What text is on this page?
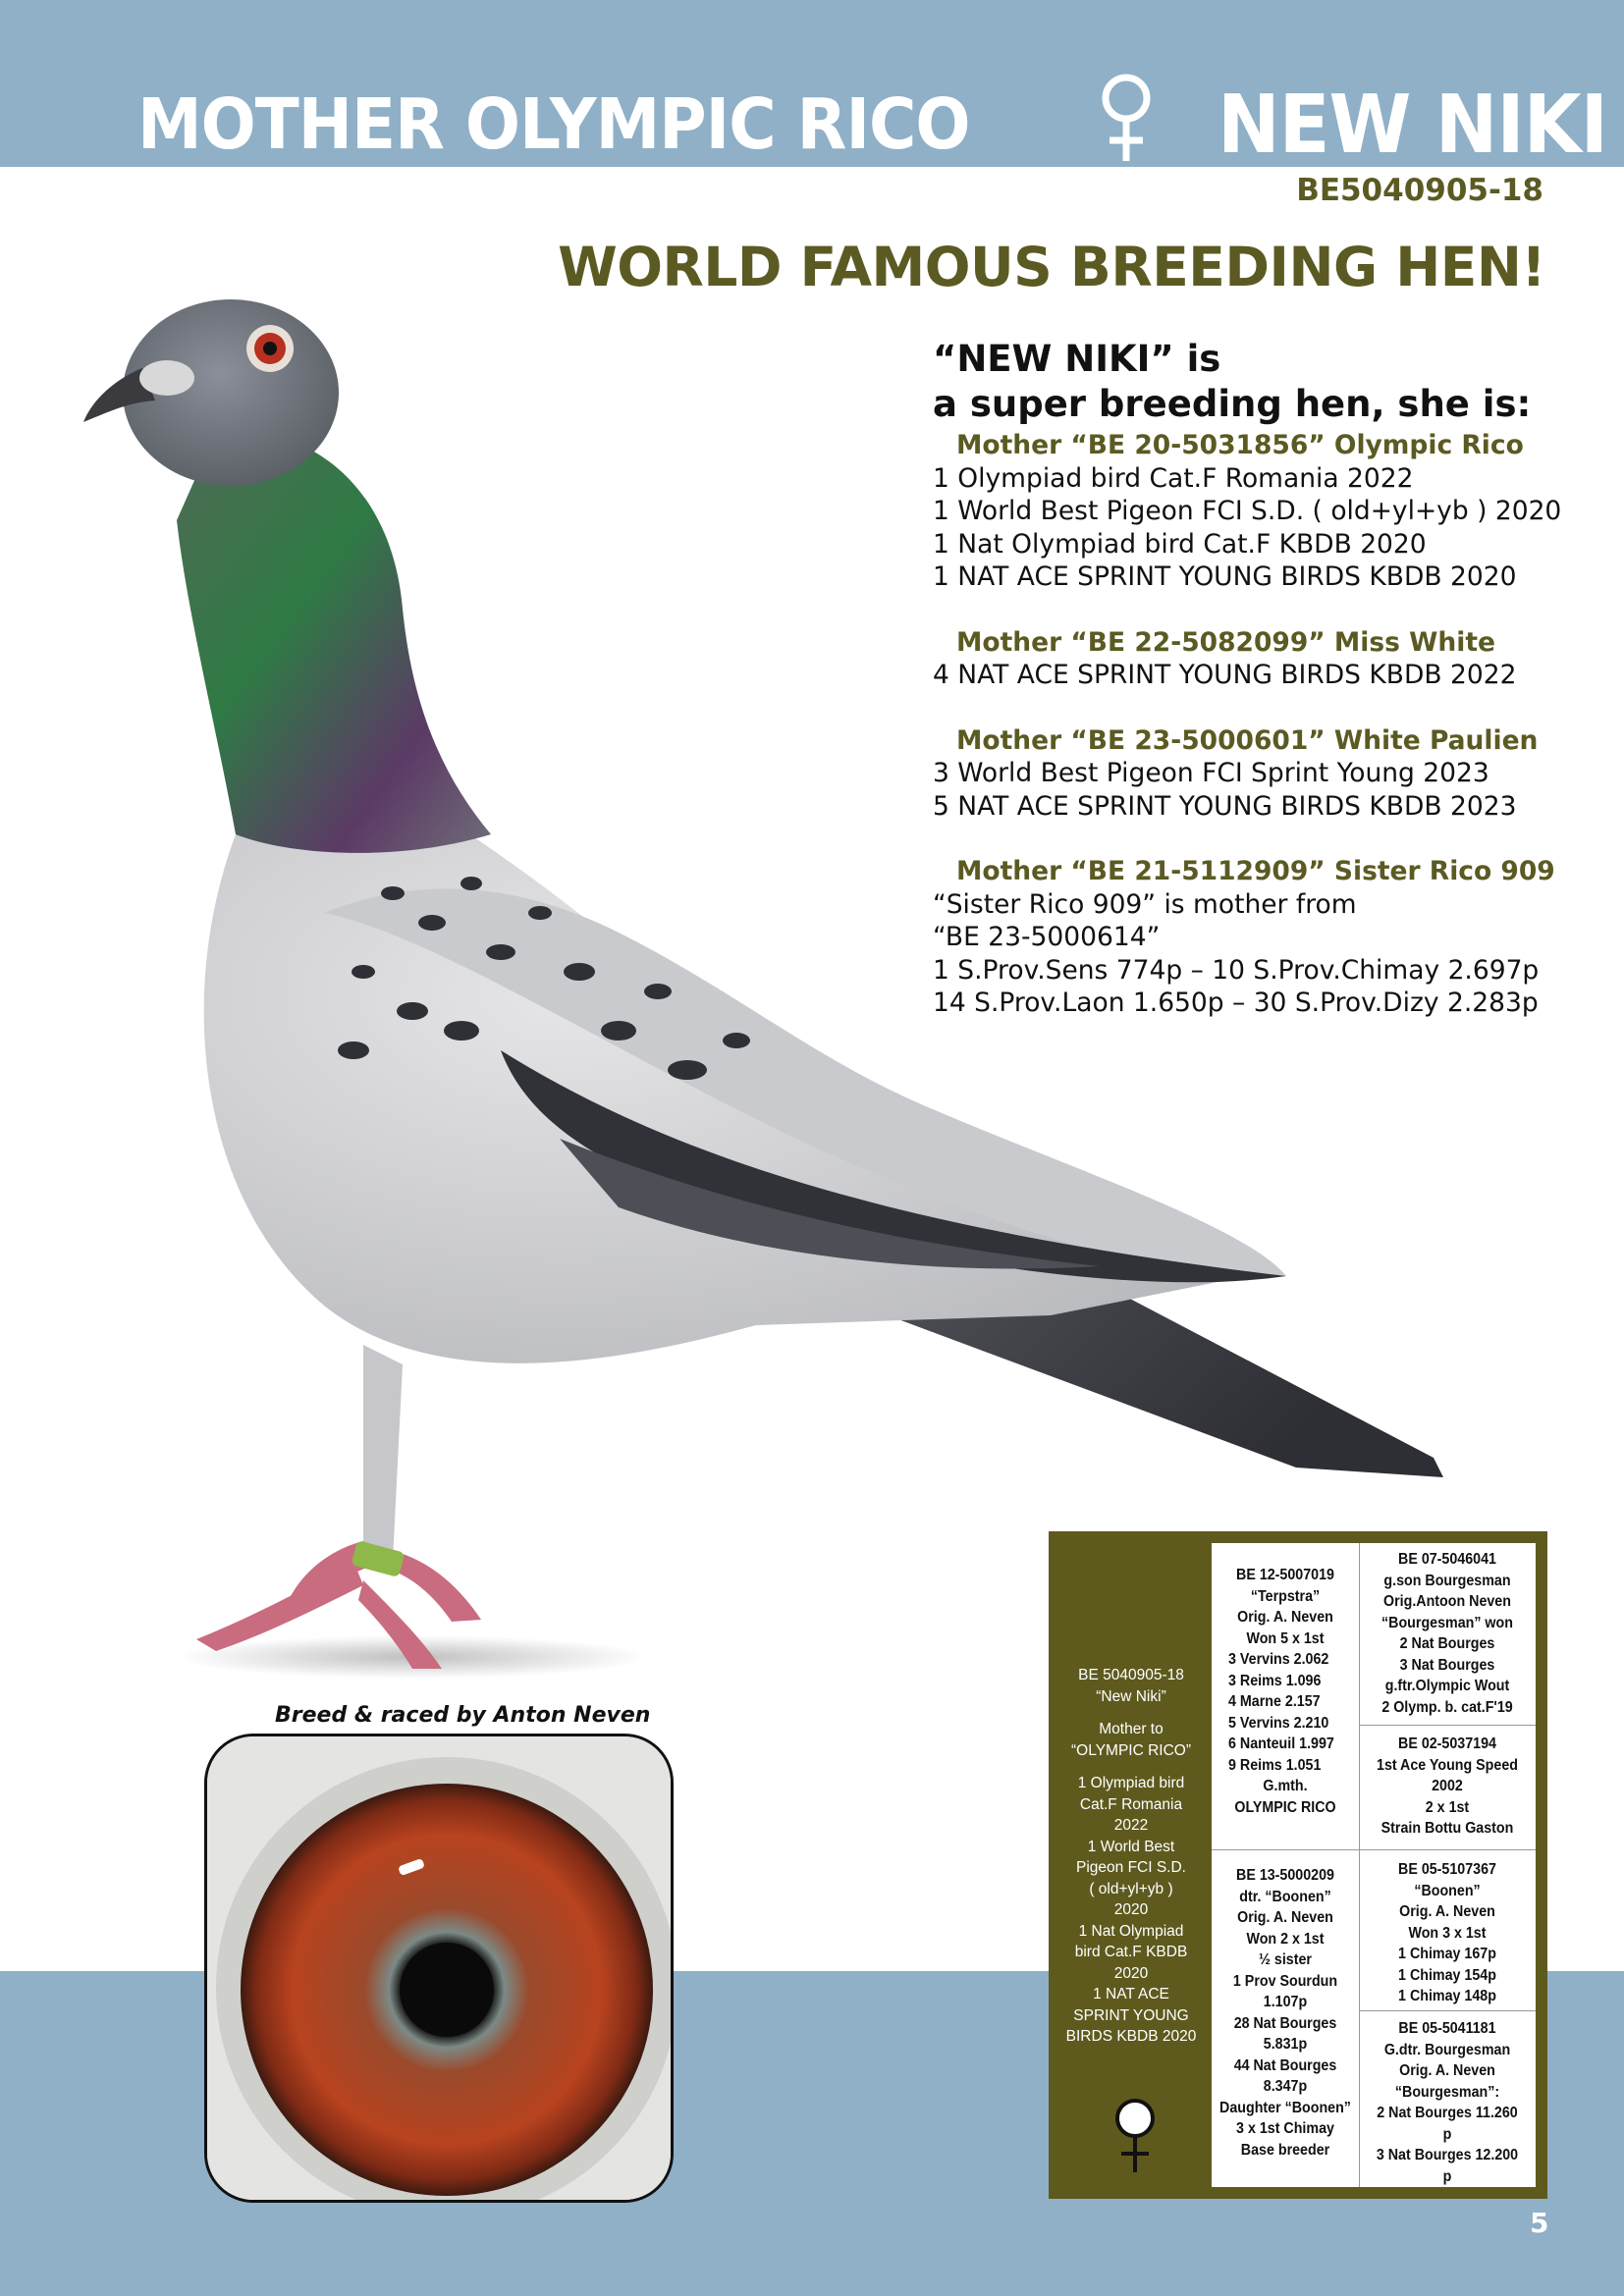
MOTHER OLYMPIC RICO	NEW NIKI
BE5040905-18
WORLD FAMOUS BREEDING HEN!
“NEW NIKI” is
a super breeding hen, she is:
Mother “BE 20-5031856” Olympic Rico
1 Olympiad bird Cat.F Romania 2022
1 World Best Pigeon FCI S.D. ( old+yl+yb ) 2020
1 Nat Olympiad bird Cat.F KBDB 2020
1 NAT ACE SPRINT YOUNG BIRDS KBDB 2020
Mother “BE 22-5082099” Miss White
4 NAT ACE SPRINT YOUNG BIRDS KBDB 2022
Mother “BE 23-5000601” White Paulien
3 World Best Pigeon FCI Sprint Young 2023
5 NAT ACE SPRINT YOUNG BIRDS KBDB 2023
Mother “BE 21-5112909” Sister Rico 909
“Sister Rico 909” is mother from
“BE 23-5000614”
1 S.Prov.Sens 774p – 10 S.Prov.Chimay 2.697p
14 S.Prov.Laon 1.650p – 30 S.Prov.Dizy 2.283p
Breed & raced by Anton Neven
BE 5040905-18
“New Niki”
Mother to
“OLYMPIC RICO”
1 Olympiad bird
Cat.F Romania
2022
1 World Best
Pigeon FCI S.D.
( old+yl+yb )
2020
1 Nat Olympiad
bird Cat.F KBDB
2020
1 NAT ACE
SPRINT YOUNG
BIRDS KBDB 2020
BE 12-5007019
“Terpstra”
Orig. A. Neven
Won 5 x 1st
3 Vervins 2.062
3 Reims 1.096
4 Marne 2.157
5 Vervins 2.210
6 Nanteuil 1.997
9 Reims 1.051
G.mth.
OLYMPIC RICO
BE 13-5000209
dtr. “Boonen”
Orig. A. Neven
Won 2 x 1st
½ sister
1 Prov Sourdun
1.107p
28 Nat Bourges
5.831p
44 Nat Bourges
8.347p
Daughter “Boonen”
3 x 1st Chimay
Base breeder
BE 07-5046041
g.son Bourgesman
Orig.Antoon Neven
“Bourgesman” won
2 Nat Bourges
3 Nat Bourges
g.ftr.Olympic Wout
2 Olymp. b. cat.F'19
BE 02-5037194
1st Ace Young Speed
2002
2 x 1st
Strain Bottu Gaston
BE 05-5107367
“Boonen”
Orig. A. Neven
Won 3 x 1st
1 Chimay 167p
1 Chimay 154p
1 Chimay 148p
BE 05-5041181
G.dtr. Bourgesman
Orig. A. Neven
“Bourgesman”:
2 Nat Bourges 11.260
p
3 Nat Bourges 12.200
p
5
